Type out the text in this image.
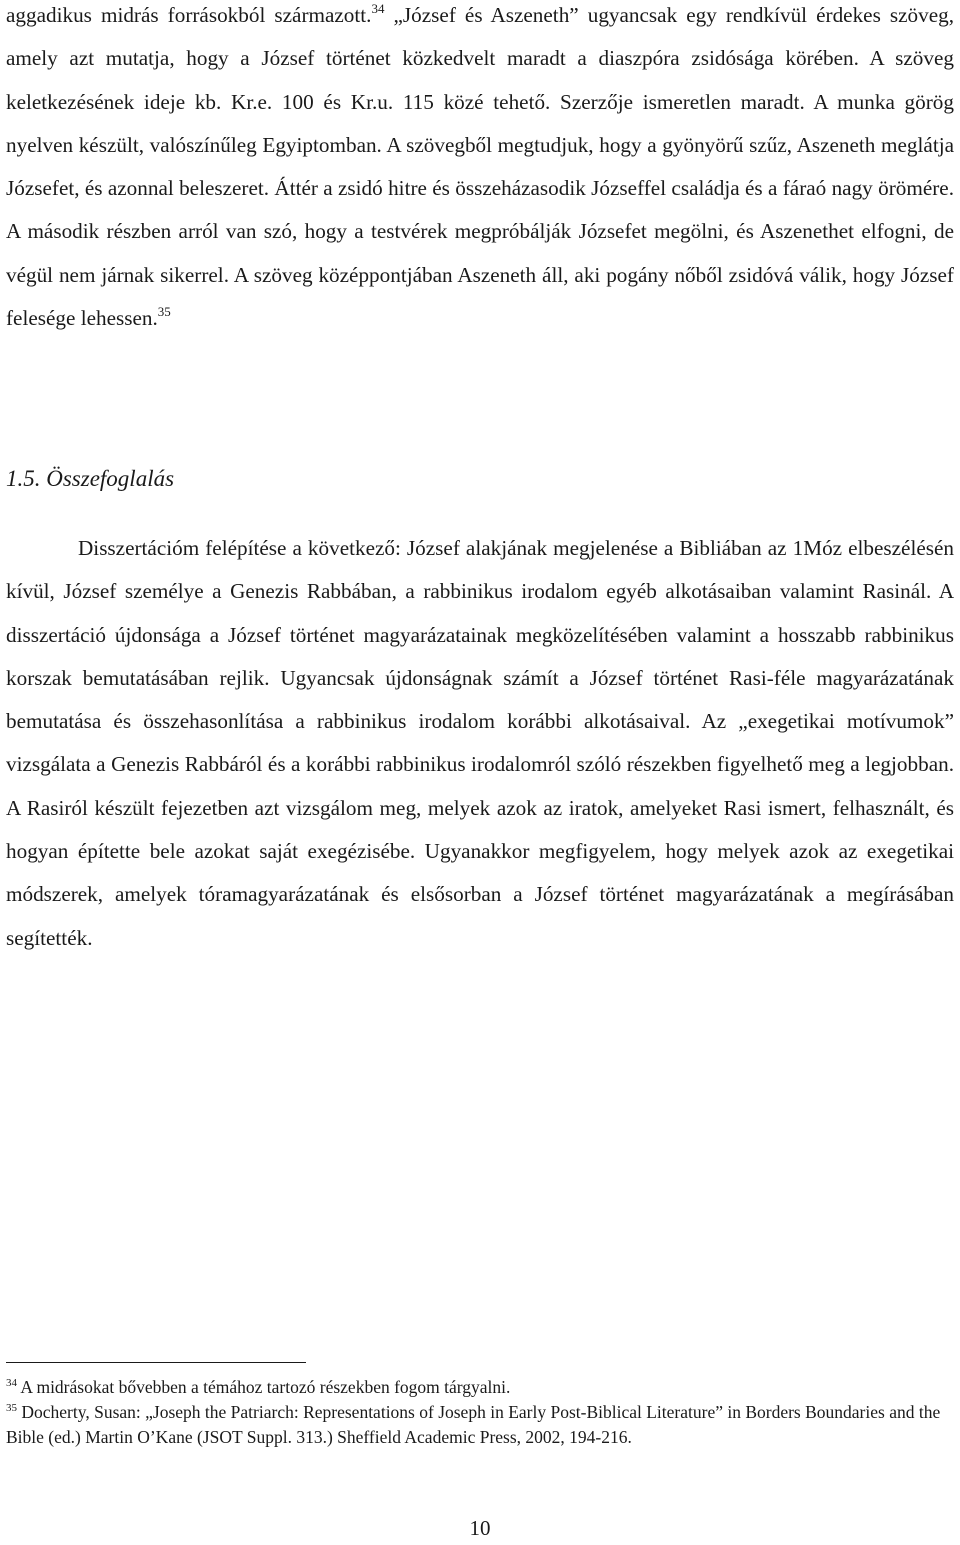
aggadikus midrás forrásokból származott.$^{34}$ „József és Aszeneth” ugyancsak egy rendkívül érdekes szöveg, amely azt mutatja, hogy a József történet közkedvelt maradt a diaszpóra zsidósága körében. A szöveg keletkezésének ideje kb. Kr.e. 100 és Kr.u. 115 közé tehető. Szerzője ismeretlen maradt. A munka görög nyelven készült, valószínűleg Egyiptomban. A szövegből megtudjuk, hogy a gyönyörű szűz, Aszeneth meglátja Józsefet, és azonnal beleszeret. Áttér a zsidó hitre és összeházasodik Józseffel családja és a fáraó nagy örömére. A második részben arról van szó, hogy a testvérek megpróbálják Józsefet megölni, és Aszenethet elfogni, de végül nem járnak sikerrel. A szöveg középpontjában Aszeneth áll, aki pogány nőből zsidóvá válik, hogy József felesége lehessen.$^{35}$

1.5. Összefoglalás

Disszertációm felépítése a következő: József alakjának megjelenése a Bibliában az 1Móz elbeszélésén kívül, József személye a Genezis Rabbában, a rabbinikus irodalom egyéb alkotásaiban valamint Rasinál. A disszertáció újdonsága a József történet magyarázatainak megközelítésében valamint a hosszabb rabbinikus korszak bemutatásában rejlik. Ugyancsak újdonságnak számít a József történet Rasi-féle magyarázatának bemutatása és összehasonlítása a rabbinikus irodalom korábbi alkotásaival. Az „exegetikai motívumok” vizsgálata a Genezis Rabbáról és a korábbi rabbinikus irodalomról szóló részekben figyelhető meg a legjobban. A Rasiról készült fejezetben azt vizsgálom meg, melyek azok az iratok, amelyeket Rasi ismert, felhasznált, és hogyan építette bele azokat saját exegézisébe. Ugyanakkor megfigyelem, hogy melyek azok az exegetikai módszerek, amelyek tóramagyarázatának és elsősorban a József történet magyarázatának a megírásában segítették.

$^{34}$ A midrásokat bővebben a témához tartozó részekben fogom tárgyalni.

$^{35}$ Docherty, Susan: „Joseph the Patriarch: Representations of Joseph in Early Post-Biblical Literature” in Borders Boundaries and the Bible (ed.) Martin O’Kane (JSOT Suppl. 313.) Sheffield Academic Press, 2002, 194-216.

10
